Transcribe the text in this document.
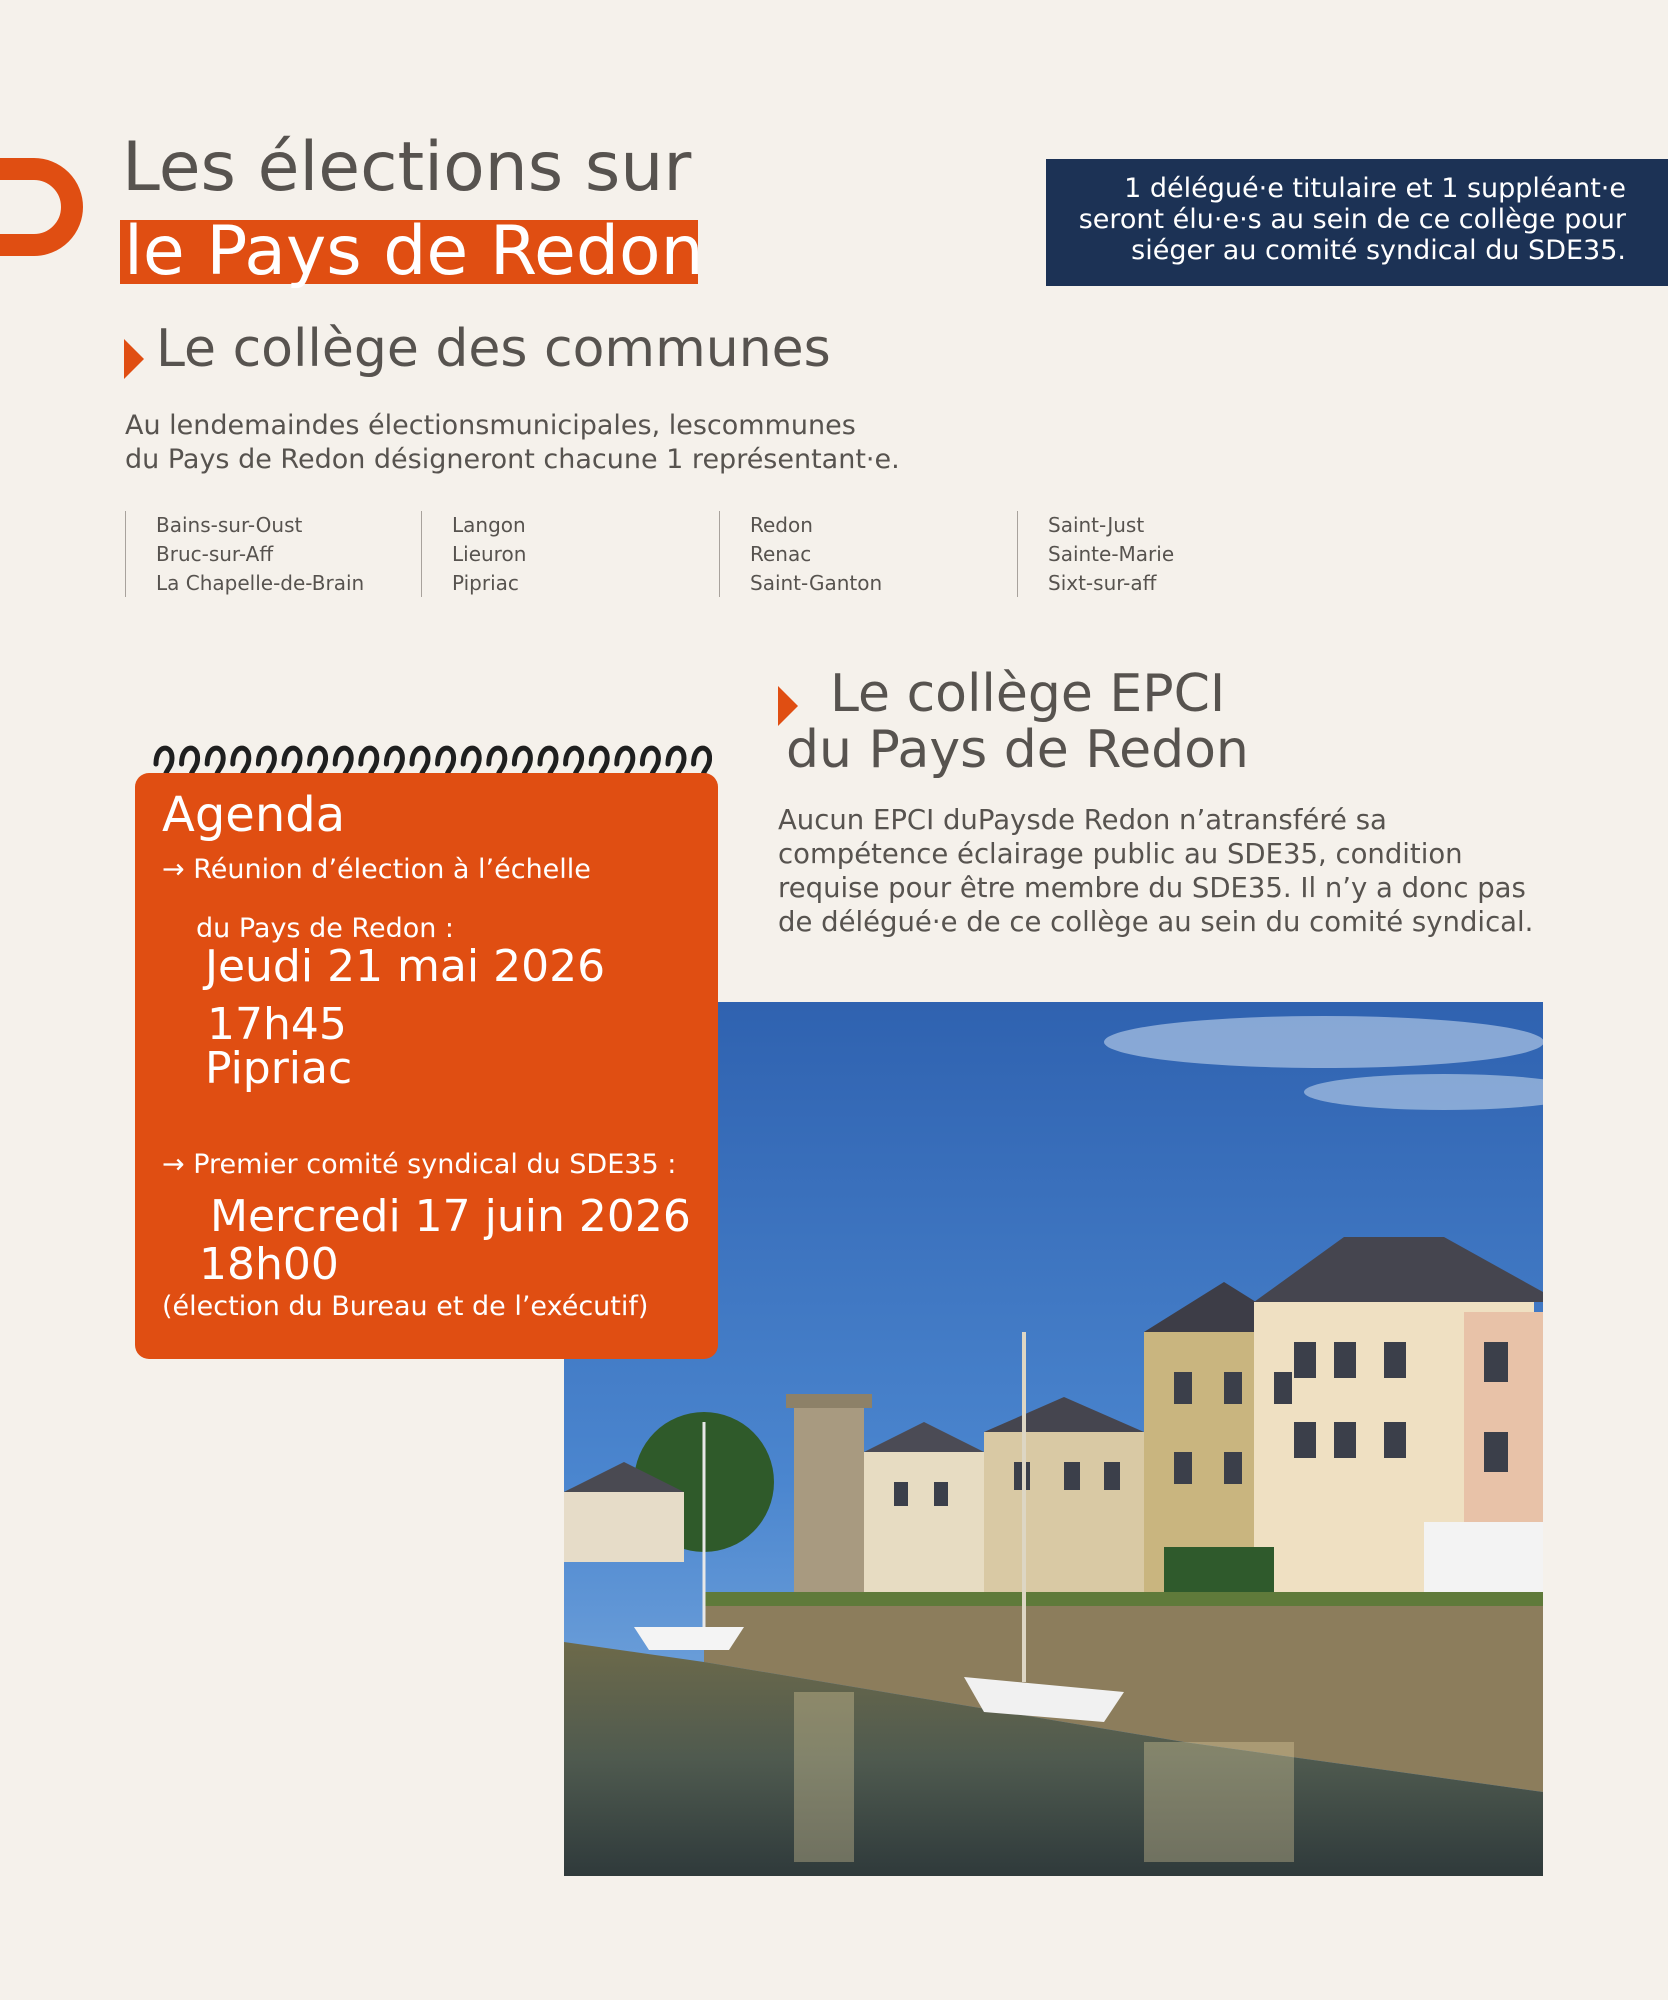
Les élections sur
le Pays de Redon
1 délégué·e titulaire et 1 suppléant·e
seront élu·e·s au sein de ce collège pour
siéger au comité syndical du SDE35.
Le collège des communes
Au lendemaindes électionsmunicipales, lescommunes
du Pays de Redon désigneront chacune 1 représentant·e.
Bains-sur-Oust
Bruc-sur-Aff
La Chapelle-de-Brain
Langon
Lieuron
Pipriac
Redon
Renac
Saint-Ganton
Saint-Just
Sainte-Marie
Sixt-sur-aff
Le collège EPCI
du Pays de Redon
Aucun EPCI duPaysde Redon n’atransféré sa
compétence éclairage public au SDE35, condition
requise pour être membre du SDE35. Il n’y a donc pas
de délégué·e de ce collège au sein du comité syndical.
Agenda
→ Réunion d’élection à l’échelle
du Pays de Redon :
Jeudi 21 mai 2026
17h45
Pipriac
→ Premier comité syndical du SDE35 :
Mercredi 17 juin 2026
18h00
(élection du Bureau et de l’exécutif)
